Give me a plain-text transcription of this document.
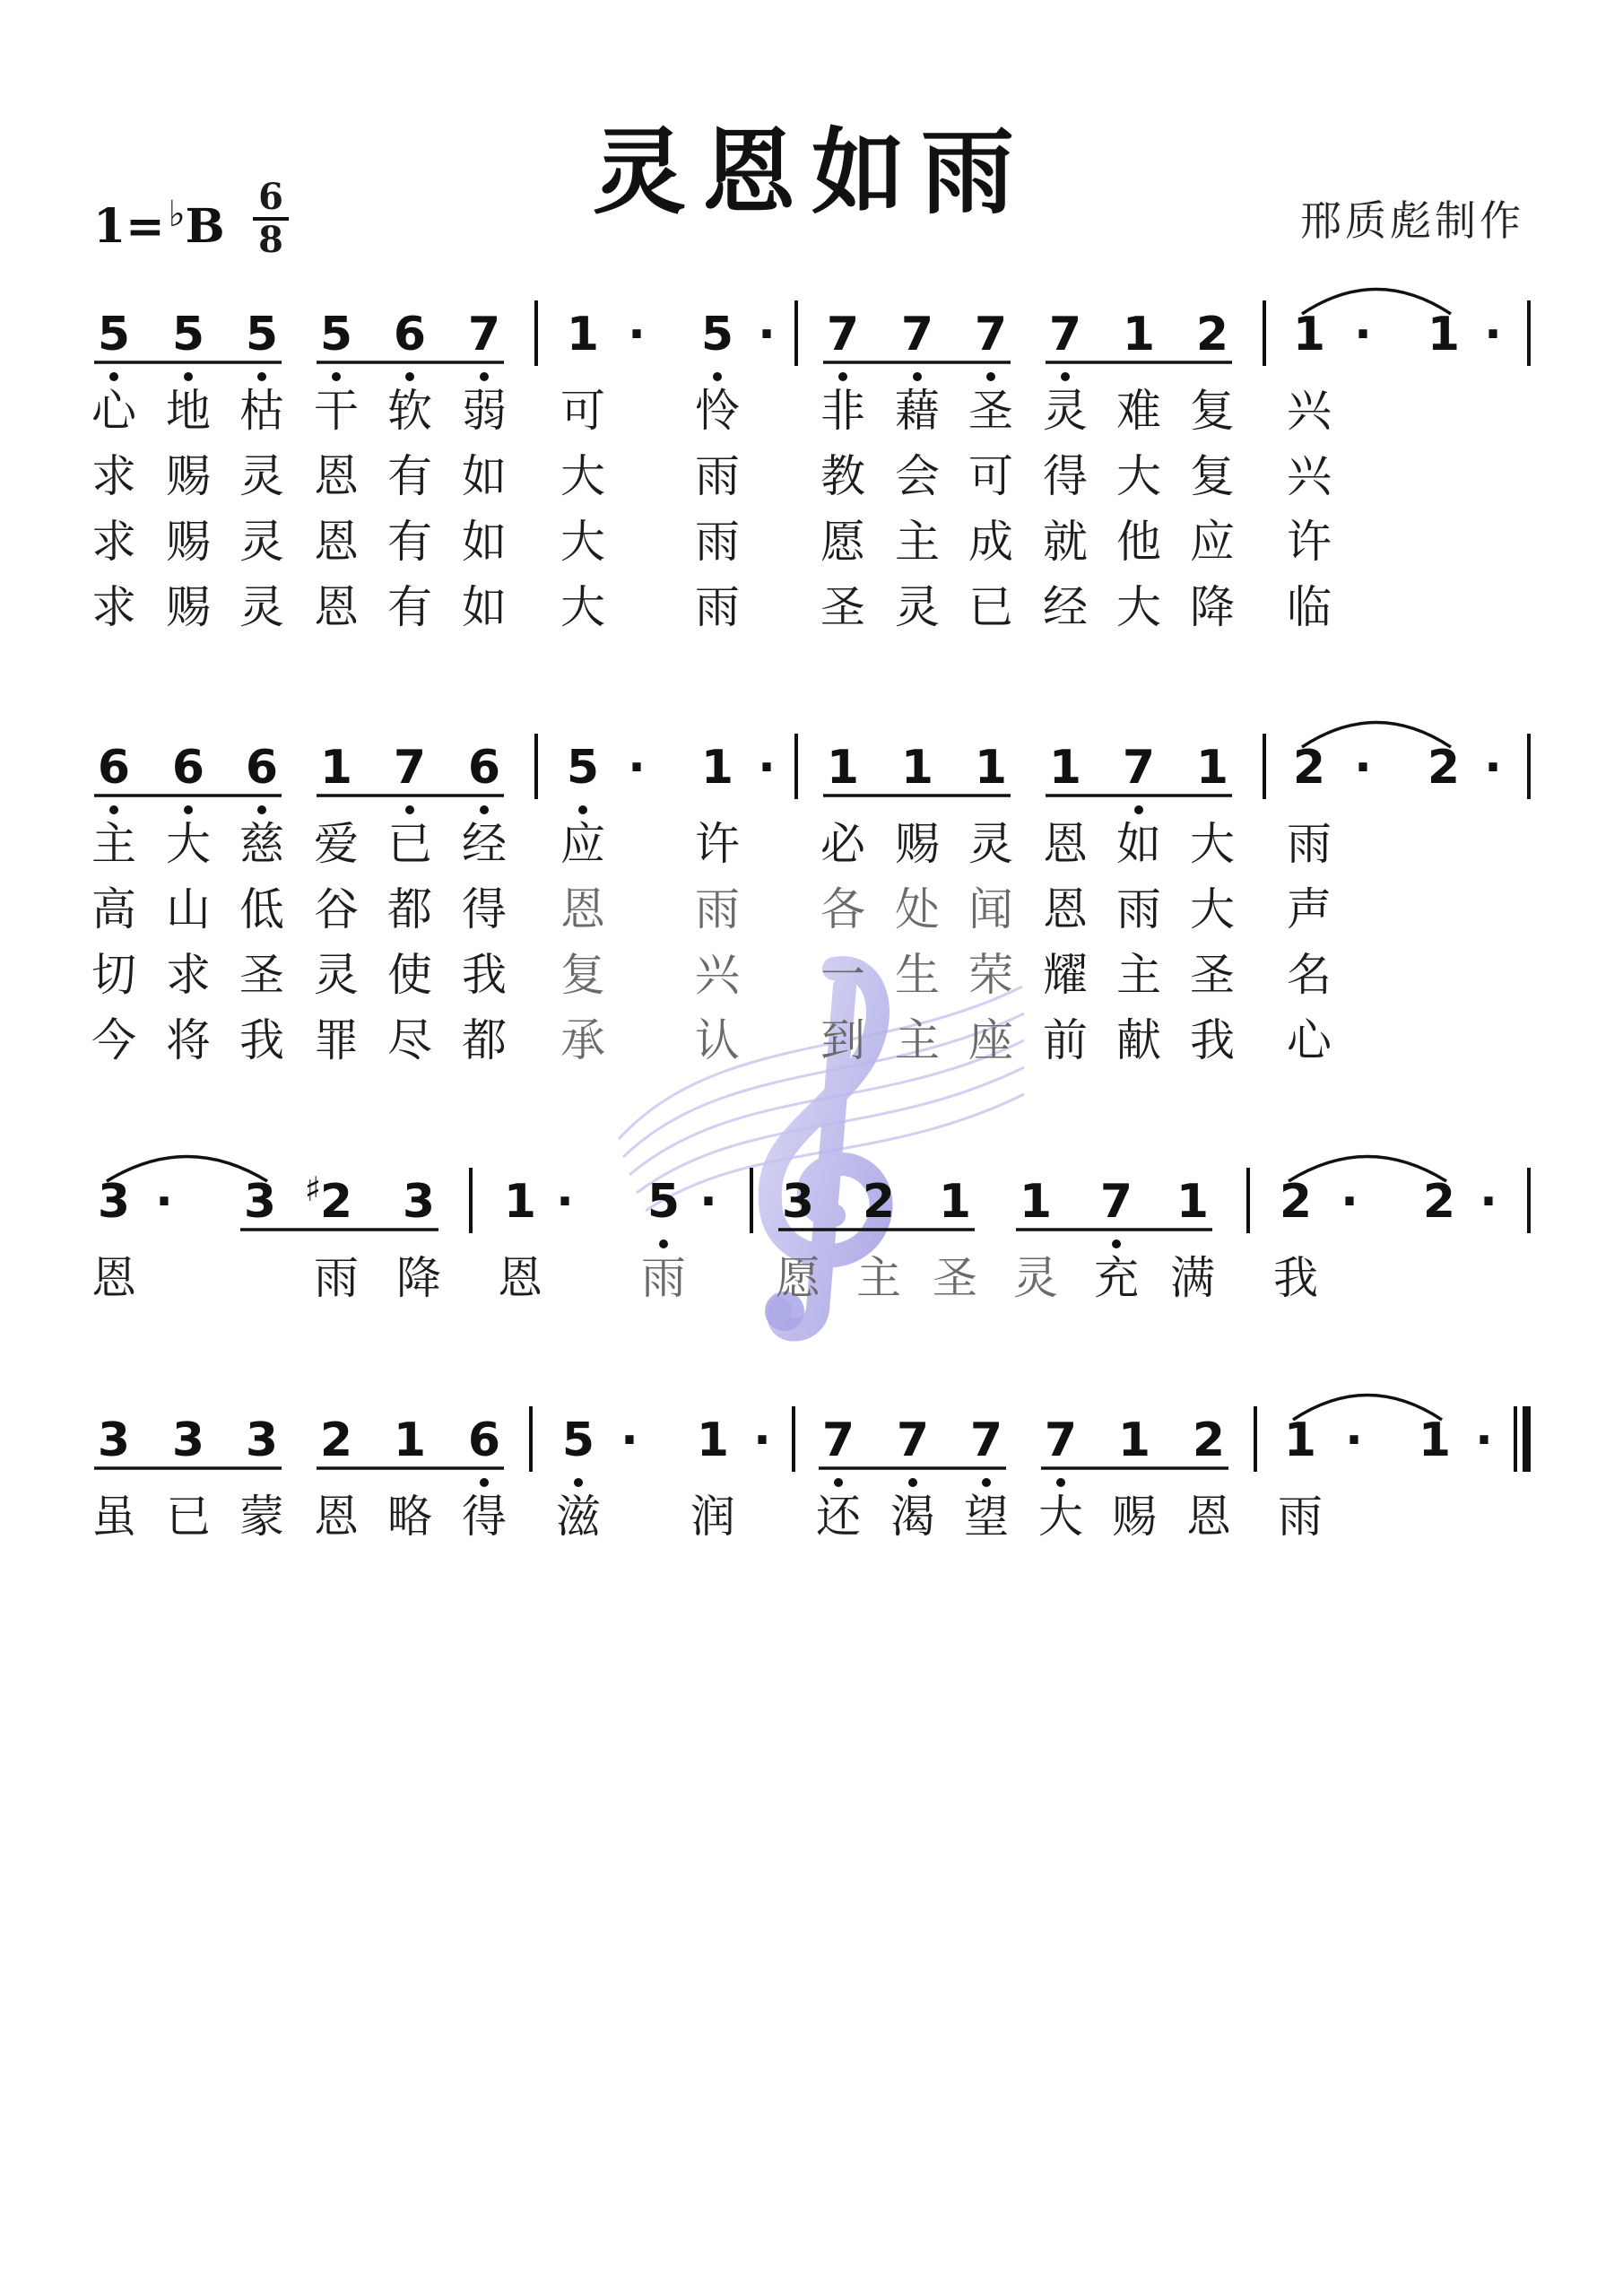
灵恩如雨
1= ♭B
6
8	邢质彪制作
5 5 5 5 6 7 1 · 5 · 7 7 7 7 1 2 1 · 1 ·
心 地 枯 干 软 弱 可 怜 非 藉 圣 灵 难 复 兴
求 赐 灵 恩 有 如 大 雨 教 会 可 得 大 复 兴
求 赐 灵 恩 有 如 大 雨 愿 主 成 就 他 应 许
求 赐 灵 恩 有 如 大 雨 圣 灵 已 经 大 降 临
6 6 6 1 7 6 5 · 1 · 1 1 1 1 7 1 2 · 2 ·
主 大 慈 爱 已 经 应 许 必 赐 灵 恩 如 大 雨
高 山 低 谷 都 得 恩 雨 各 处 闻 恩 雨 大 声
切 求 圣 灵 使 我 复 兴 一 生 荣 耀 主 圣 名
今 将 我 罪 尽 都 承 认 到 主 座 前 献 我 心
3 · 3 ♯
2 3 1 · 5 · 3 2 1 1 7 1 2 · 2 ·
恩	雨 降 恩 雨 愿 主 圣 灵 充 满 我
3 3 3 2 1 6 5 · 1 · 7 7 7 7 1 2 1 · 1 ·
虽 已 蒙 恩 略 得 滋 润 还 渴 望 大 赐 恩 雨
